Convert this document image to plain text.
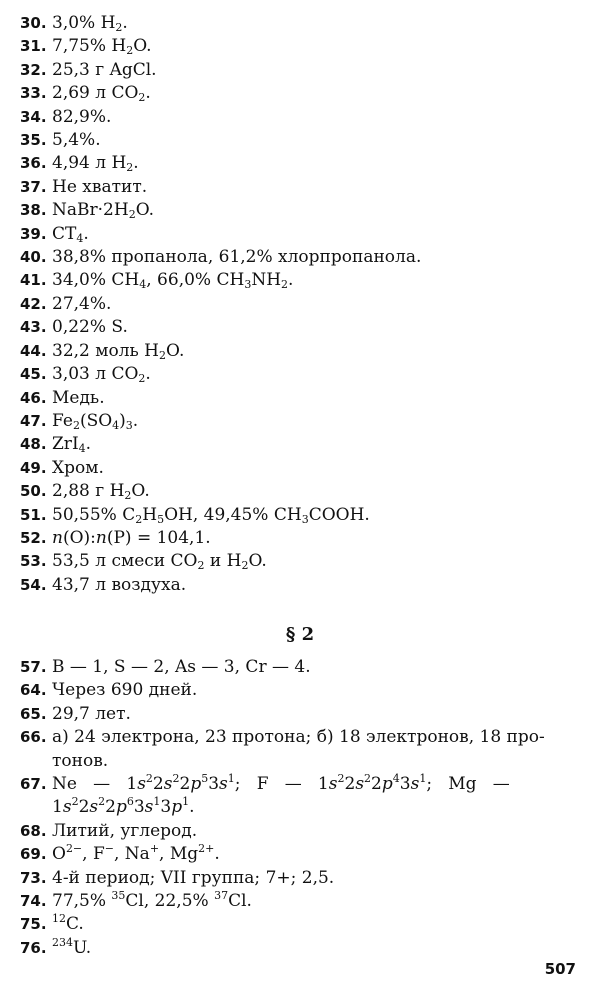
30. 3,0% $H_2$.
31. 7,75% $H_2O$.
32. 25,3 г AgCl.
33. 2,69 л $CO_2$.
34. 82,9%.
35. 5,4%.
36. 4,94 л $H_2$.
37. Не хватит.
38. $NaBr\cdot 2H_2O$.
39. $CT_4$.
40. 38,8% пропанола, 61,2% хлорпропанола.
41. 34,0% $CH_4$, 66,0% $CH_3NH_2$.
42. 27,4%.
43. 0,22% S.
44. 32,2 моль $H_2O$.
45. 3,03 л $CO_2$.
46. Медь.
47. $Fe_2(SO_4)_3$.
48. ZrI$_4$.
49. Хром.
50. 2,88 г $H_2O$.
51. 50,55% $C_2H_5OH$, 49,45% $CH_3COOH$.
52. n(O):n(P) = 104,1.
53. 53,5 л смеси $CO_2$ и $H_2O$.
54. 43,7 л воздуха.
§ 2
57. B — 1, S — 2, As — 3, Cr — 4.
64. Через 690 дней.
65. 29,7 лет.
66. а) 24 электрона, 23 протона; б) 18 электронов, 18 про-
тонов.
67. Ne   —   $1s^22s^22p^53s^1$;   F   —   $1s^22s^22p^43s^1$;   Mg   —
$1s^22s^22p^63s^13p^1$.
68. Литий, углерод.
69. $O^{2-}$, F−, Na+, $Mg^{2+}$.
73. 4-й период; VII группа; 7+; 2,5.
74. 77,5% $^{35}$Cl, 22,5% $^{37}$Cl.
75. $^{12}$C.
76. $^{234}$U.
507
